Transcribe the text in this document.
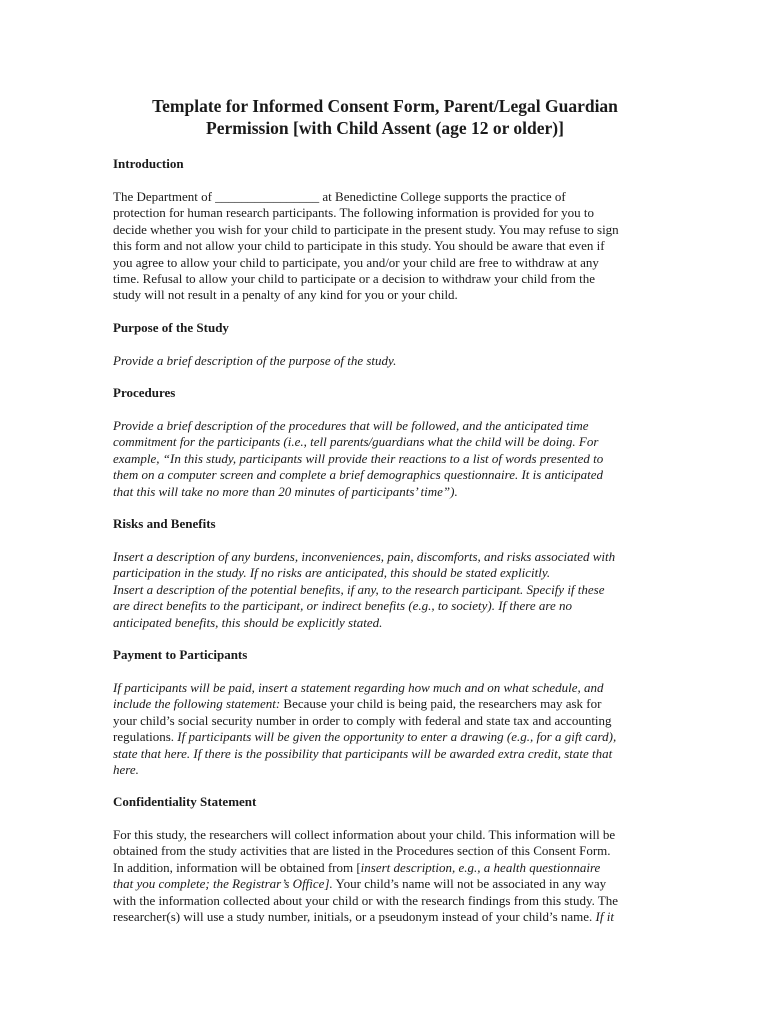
Template for Informed Consent Form, Parent/Legal Guardian
Permission [with Child Assent (age 12 or older)]
Introduction
The Department of ________________ at Benedictine College supports the practice of
protection for human research participants. The following information is provided for you to
decide whether you wish for your child to participate in the present study. You may refuse to sign
this form and not allow your child to participate in this study. You should be aware that even if
you agree to allow your child to participate, you and/or your child are free to withdraw at any
time. Refusal to allow your child to participate or a decision to withdraw your child from the
study will not result in a penalty of any kind for you or your child.
Purpose of the Study
Provide a brief description of the purpose of the study.
Procedures
Provide a brief description of the procedures that will be followed, and the anticipated time
commitment for the participants (i.e., tell parents/guardians what the child will be doing. For
example, “In this study, participants will provide their reactions to a list of words presented to
them on a computer screen and complete a brief demographics questionnaire. It is anticipated
that this will take no more than 20 minutes of participants’ time”).
Risks and Benefits
Insert a description of any burdens, inconveniences, pain, discomforts, and risks associated with
participation in the study. If no risks are anticipated, this should be stated explicitly.
Insert a description of the potential benefits, if any, to the research participant. Specify if these
are direct benefits to the participant, or indirect benefits (e.g., to society). If there are no
anticipated benefits, this should be explicitly stated.
Payment to Participants
If participants will be paid, insert a statement regarding how much and on what schedule, and
include the following statement: Because your child is being paid, the researchers may ask for
your child’s social security number in order to comply with federal and state tax and accounting
regulations. If participants will be given the opportunity to enter a drawing (e.g., for a gift card),
state that here. If there is the possibility that participants will be awarded extra credit, state that
here.
Confidentiality Statement
For this study, the researchers will collect information about your child. This information will be
obtained from the study activities that are listed in the Procedures section of this Consent Form.
In addition, information will be obtained from [insert description, e.g., a health questionnaire
that you complete; the Registrar’s Office]. Your child’s name will not be associated in any way
with the information collected about your child or with the research findings from this study. The
researcher(s) will use a study number, initials, or a pseudonym instead of your child’s name. If it
